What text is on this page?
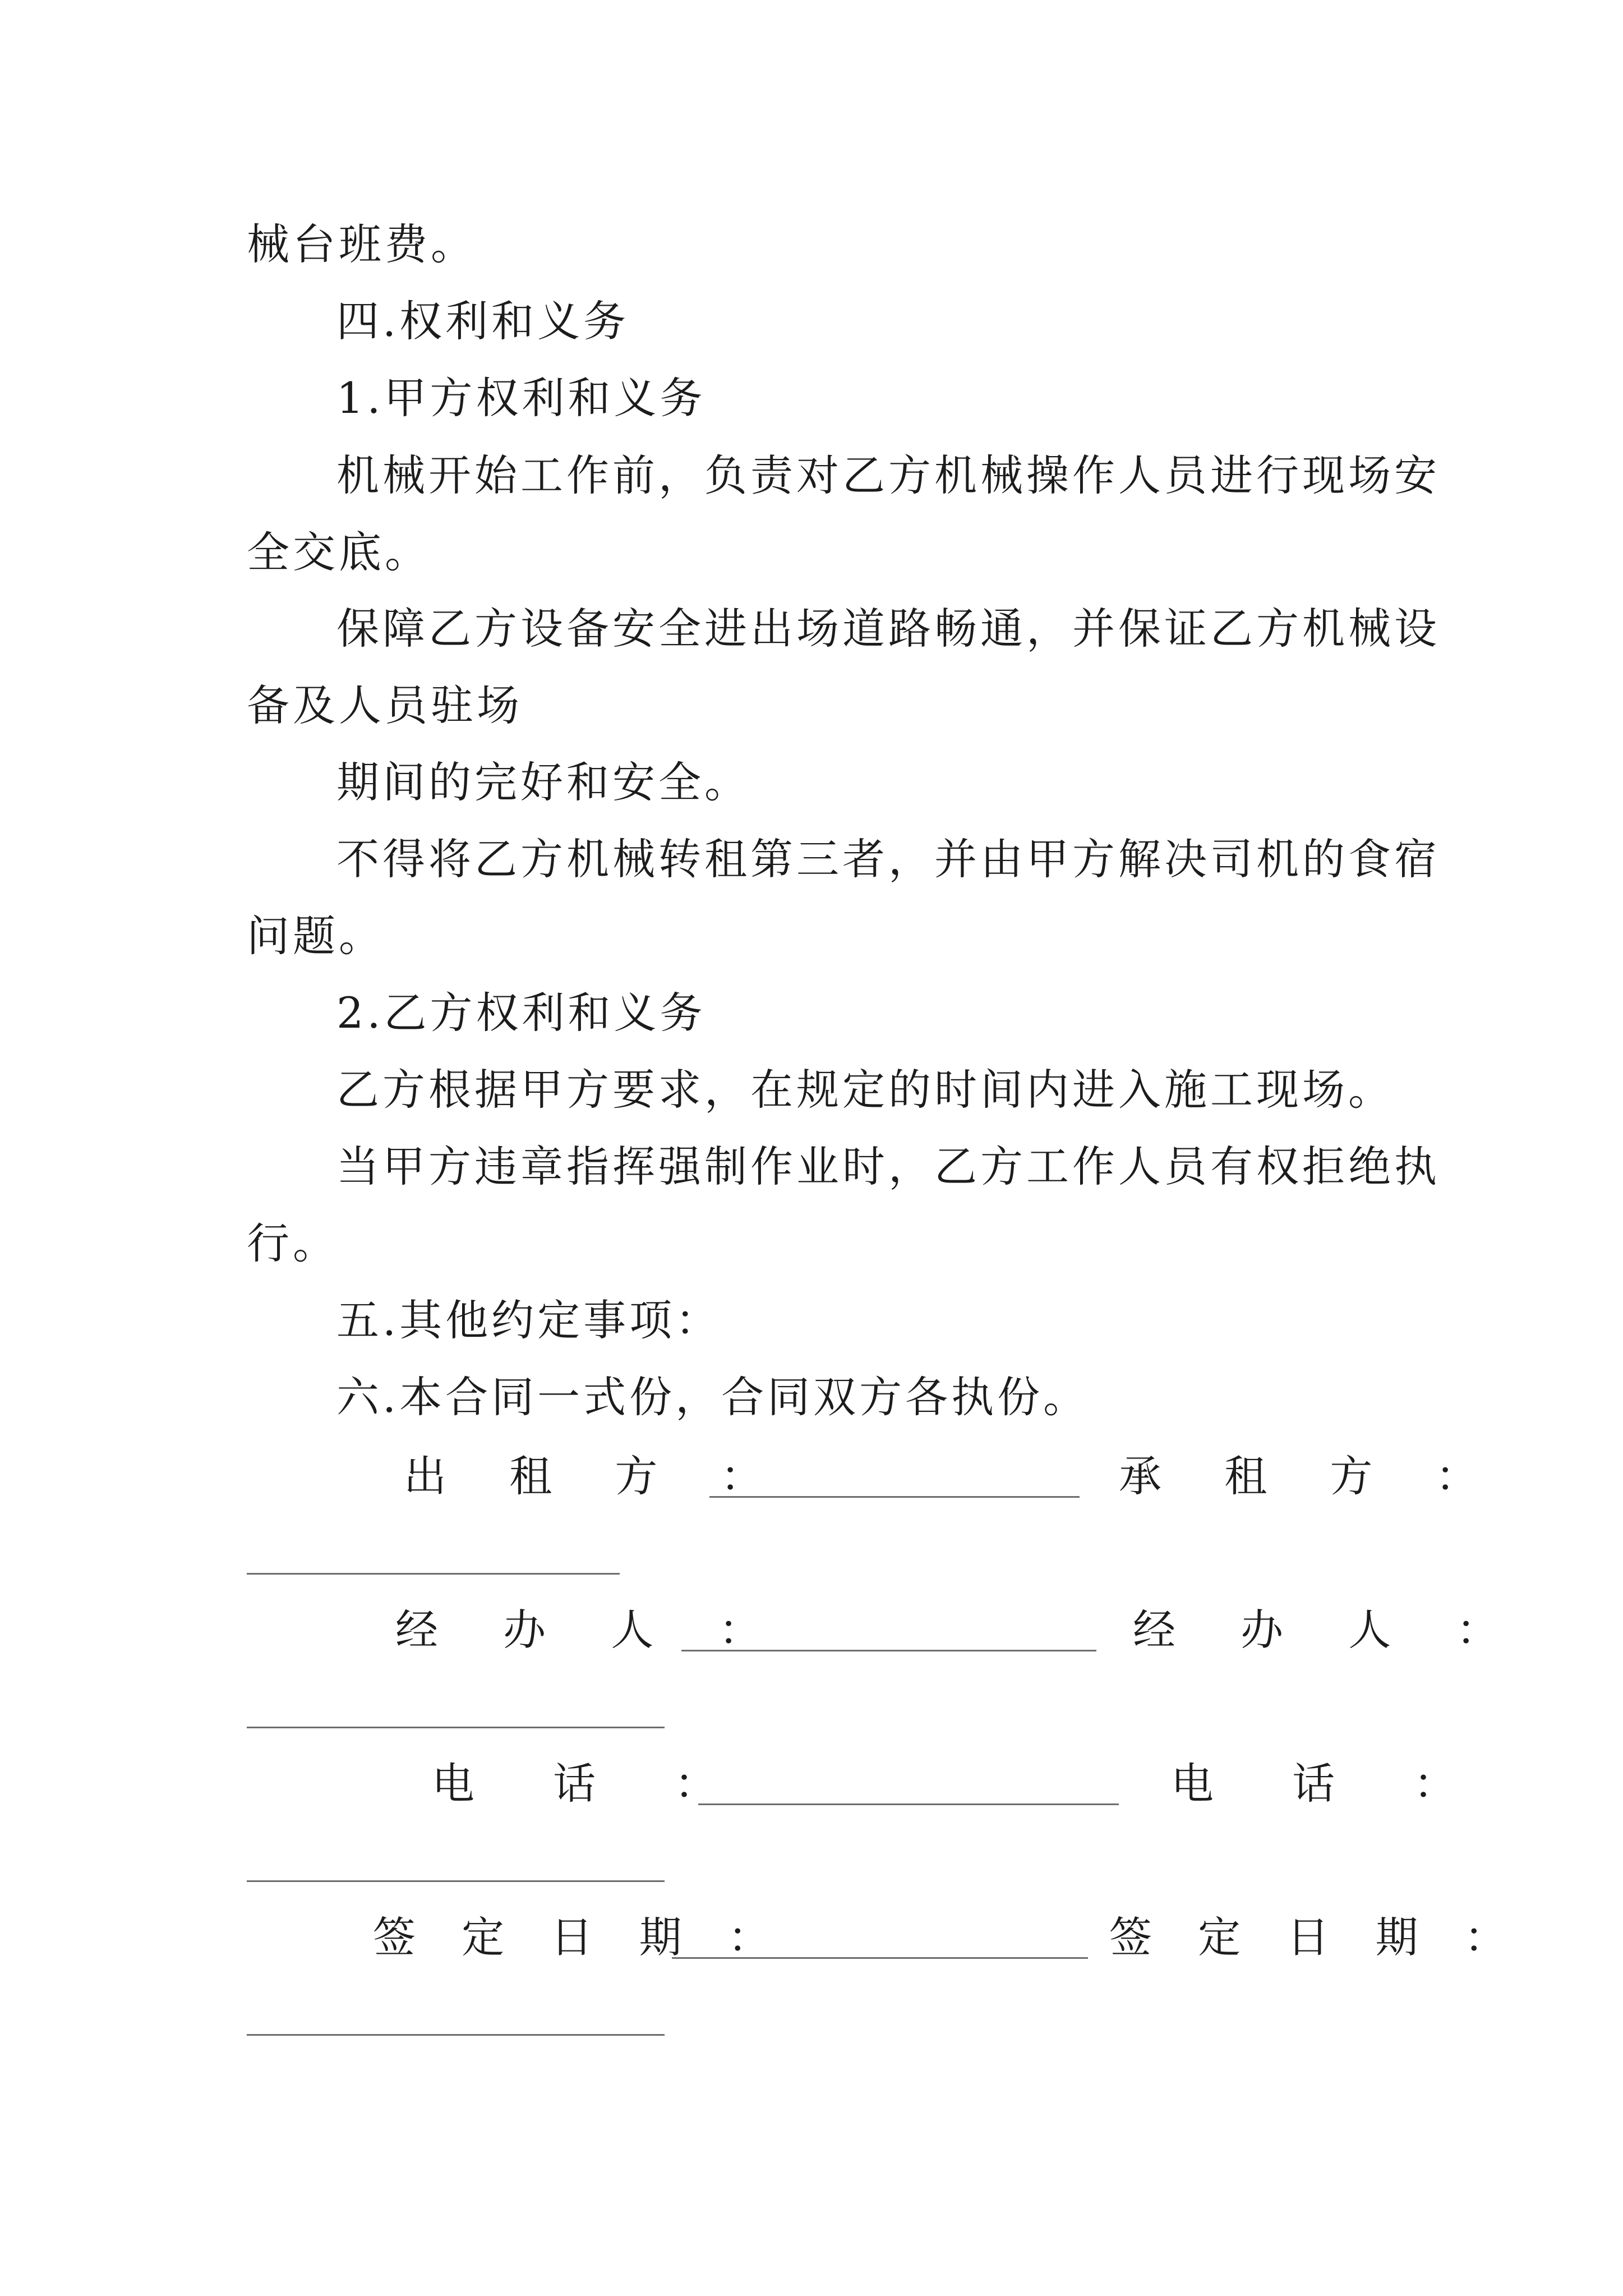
械台班费。
四.权利和义务
1.甲方权利和义务
机械开始工作前，负责对乙方机械操作人员进行现场安
全交底。
保障乙方设备安全进出场道路畅通，并保证乙方机械设
备及人员驻场
期间的完好和安全。
不得将乙方机械转租第三者，并由甲方解决司机的食宿
问题。
2.乙方权利和义务
乙方根据甲方要求，在规定的时间内进入施工现场。
当甲方违章指挥强制作业时，乙方工作人员有权拒绝执
行。
五.其他约定事项：
六.本合同一式份，合同双方各执份。
出 租 方 ：	承 租 方 ：
经 办 人 ：	经 办 人 ：
电 话 ：	电 话 ：
签 定 日 期 ：	签 定 日 期 ：
